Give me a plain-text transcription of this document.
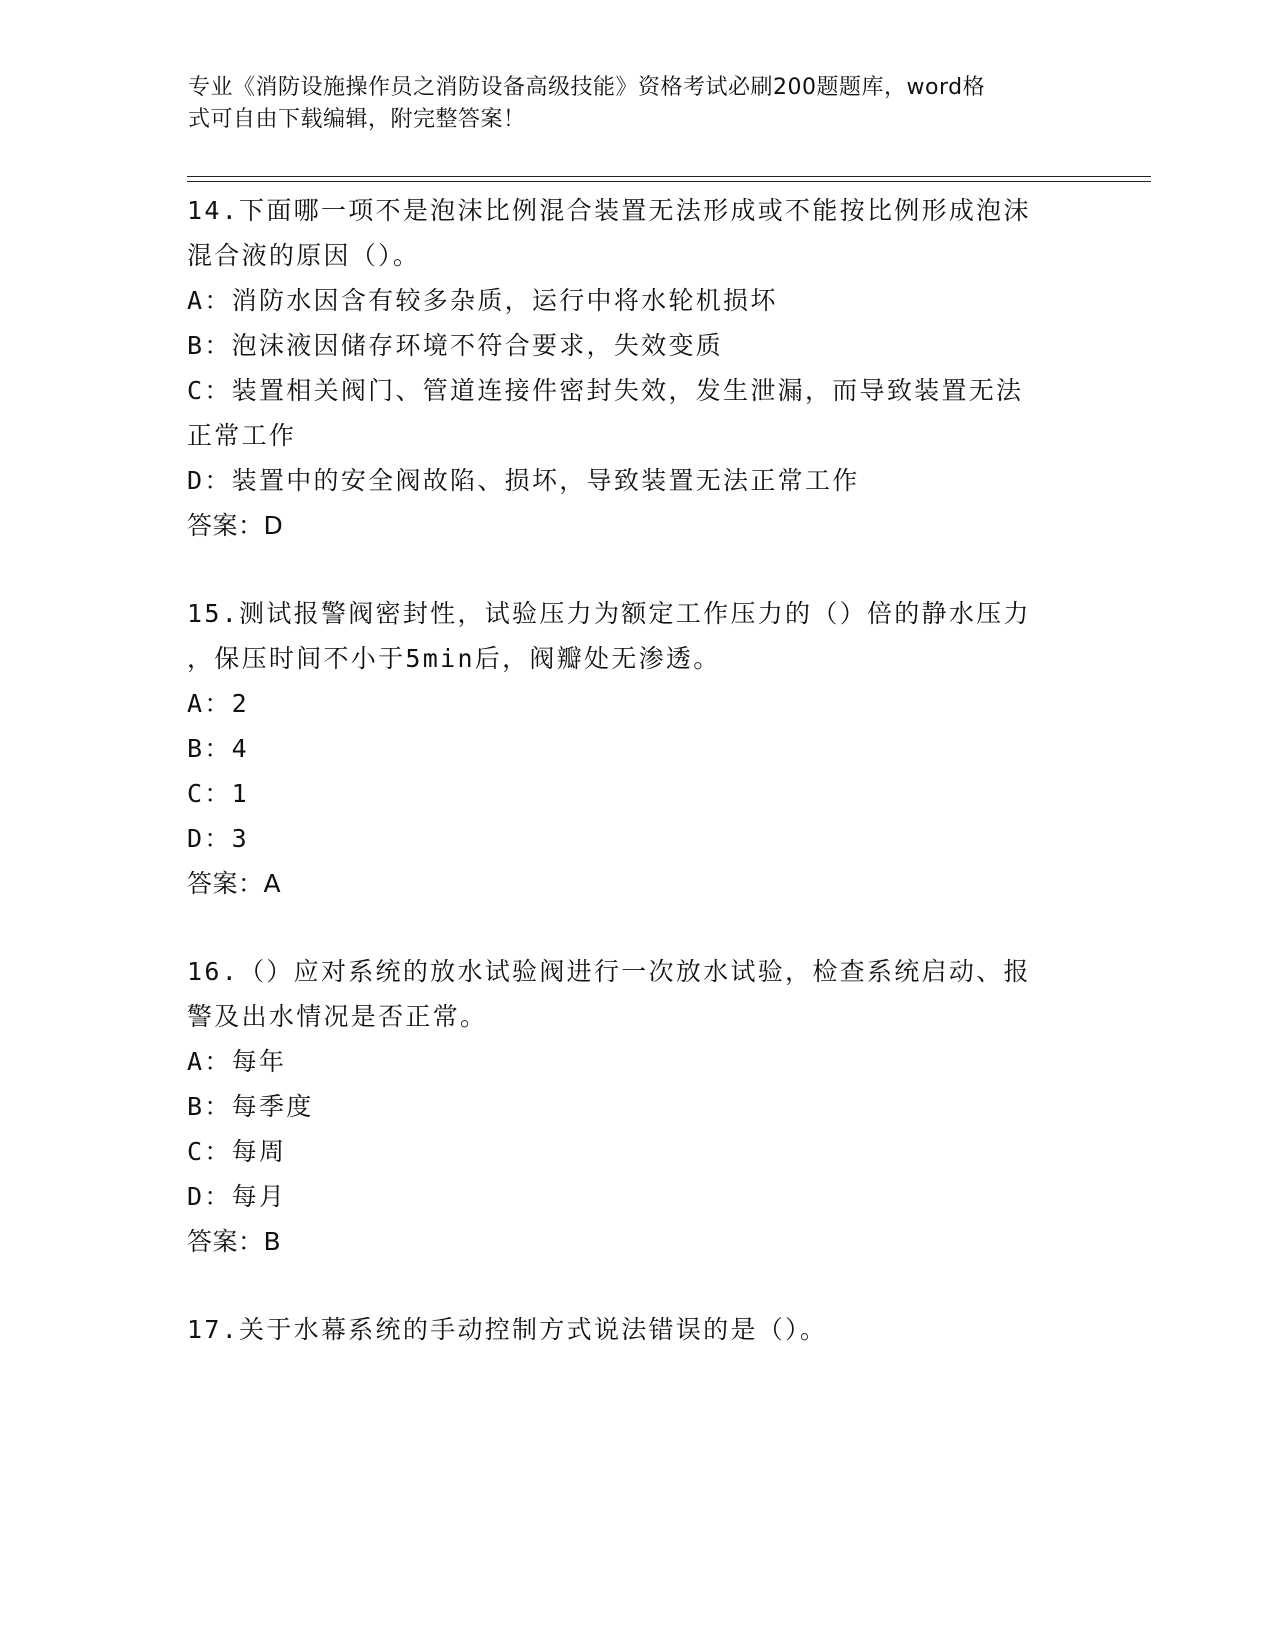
专业《消防设施操作员之消防设备高级技能》资格考试必刷200题题库，word格
式可自由下载编辑，附完整答案！

14.下面哪一项不是泡沫比例混合装置无法形成或不能按比例形成泡沫

混合液的原因（）。

A：消防水因含有较多杂质，运行中将水轮机损坏

B：泡沫液因储存环境不符合要求，失效变质

C：装置相关阀门、管道连接件密封失效，发生泄漏，而导致装置无法

正常工作

D：装置中的安全阀故陷、损坏，导致装置无法正常工作

答案：D

15.测试报警阀密封性，试验压力为额定工作压力的（）倍的静水压力

，保压时间不小于5min后，阀瓣处无渗透。

A：2

B：4

C：1

D：3

答案：A

16.（）应对系统的放水试验阀进行一次放水试验，检查系统启动、报

警及出水情况是否正常。

A：每年

B：每季度

C：每周

D：每月

答案：B

17.关于水幕系统的手动控制方式说法错误的是（）。
